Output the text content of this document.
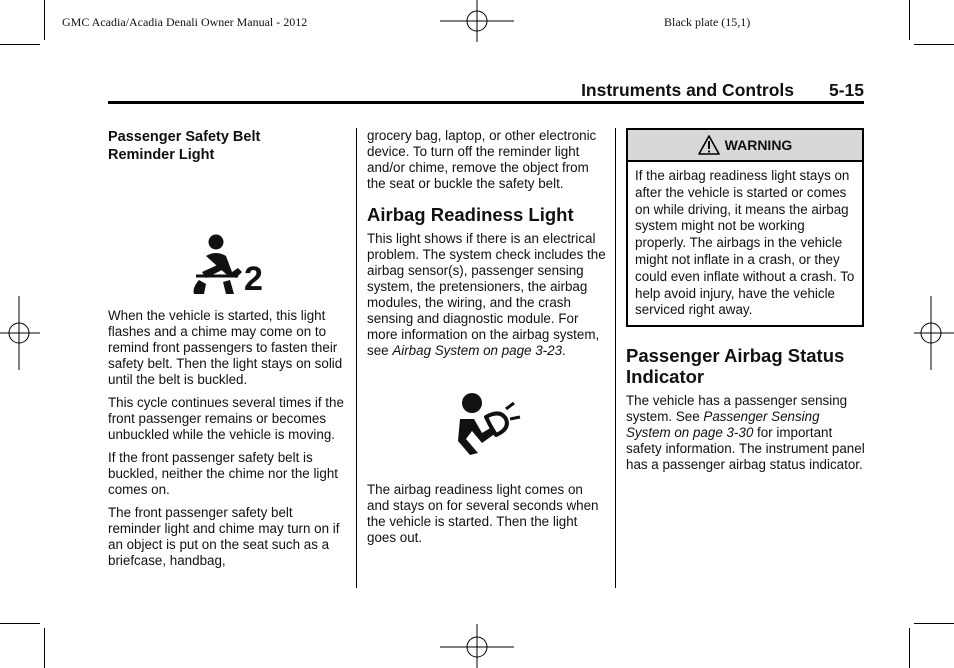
GMC Acadia/Acadia Denali Owner Manual - 2012	Black plate (15,1)
Instruments and Controls 5-15
Passenger Safety Belt
Reminder Light
2

When the vehicle is started, this light flashes and a chime may come on to remind front passengers to fasten their safety belt. Then the light stays on solid until the belt is buckled.

This cycle continues several times if the front passenger remains or becomes unbuckled while the vehicle is moving.

If the front passenger safety belt is buckled, neither the chime nor the light comes on.

The front passenger safety belt reminder light and chime may turn on if an object is put on the seat such as a briefcase, handbag,

grocery bag, laptop, or other electronic device. To turn off the reminder light and/or chime, remove the object from the seat or buckle the safety belt.

Airbag Readiness Light

This light shows if there is an electrical problem. The system check includes the airbag sensor(s), passenger sensing system, the pretensioners, the airbag modules, the wiring, and the crash sensing and diagnostic module. For more information on the airbag system, see Airbag System on page 3-23.

The airbag readiness light comes on and stays on for several seconds when the vehicle is started. Then the light goes out.

WARNING
If the airbag readiness light stays on after the vehicle is started or comes on while driving, it means the airbag system might not be working properly. The airbags in the vehicle might not inflate in a crash, or they could even inflate without a crash. To help avoid injury, have the vehicle serviced right away.
Passenger Airbag Status Indicator

The vehicle has a passenger sensing system. See Passenger Sensing System on page 3-30 for important safety information. The instrument panel has a passenger airbag status indicator.
